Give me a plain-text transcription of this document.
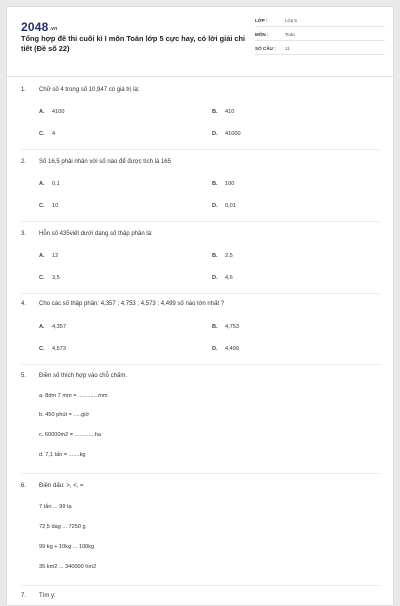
2048.vn
Tổng hợp đề thi cuối kì I môn Toán lớp 5 cực hay, có lời giải chi tiết (Đề số 22)
LỚP :	Lớp 5
MÔN :	Toán
SỐ CÂU :	11
1. Chữ số 4 trong số 10,947 có giá trị là:
A. 4100	B. 410
C. 4	D. 41000
2. Số 16,5 phải nhân với số nào để được tích là 165
A. 0,1	B. 100
C. 10	D. 0,01
3. Hỗn số 435viết dưới dạng số thập phân là:
A. 12	B. 2,5
C. 3,5	D. 4,6
4. Cho các số thập phân: 4,357 ; 4,753 ; 4,573 ; 4,499 số nào lớn nhất ?
A. 4,357	B. 4,753
C. 4,573	D. 4,499
5. Điền số thích hợp vào chỗ chấm.
a. 8dm 7 mm = .............mm
b. 450 phút = .....giờ
c. 60000m2 = .............ha
d. 7,1 tấn = .......kg
6. Điền dấu: >, <, =
7 tấn ... 99 tạ
72,5 dag ... 7250 g
99 kg + 10kg ... 100kg
35 km2 ... 340000 hm2
7. Tìm y:
